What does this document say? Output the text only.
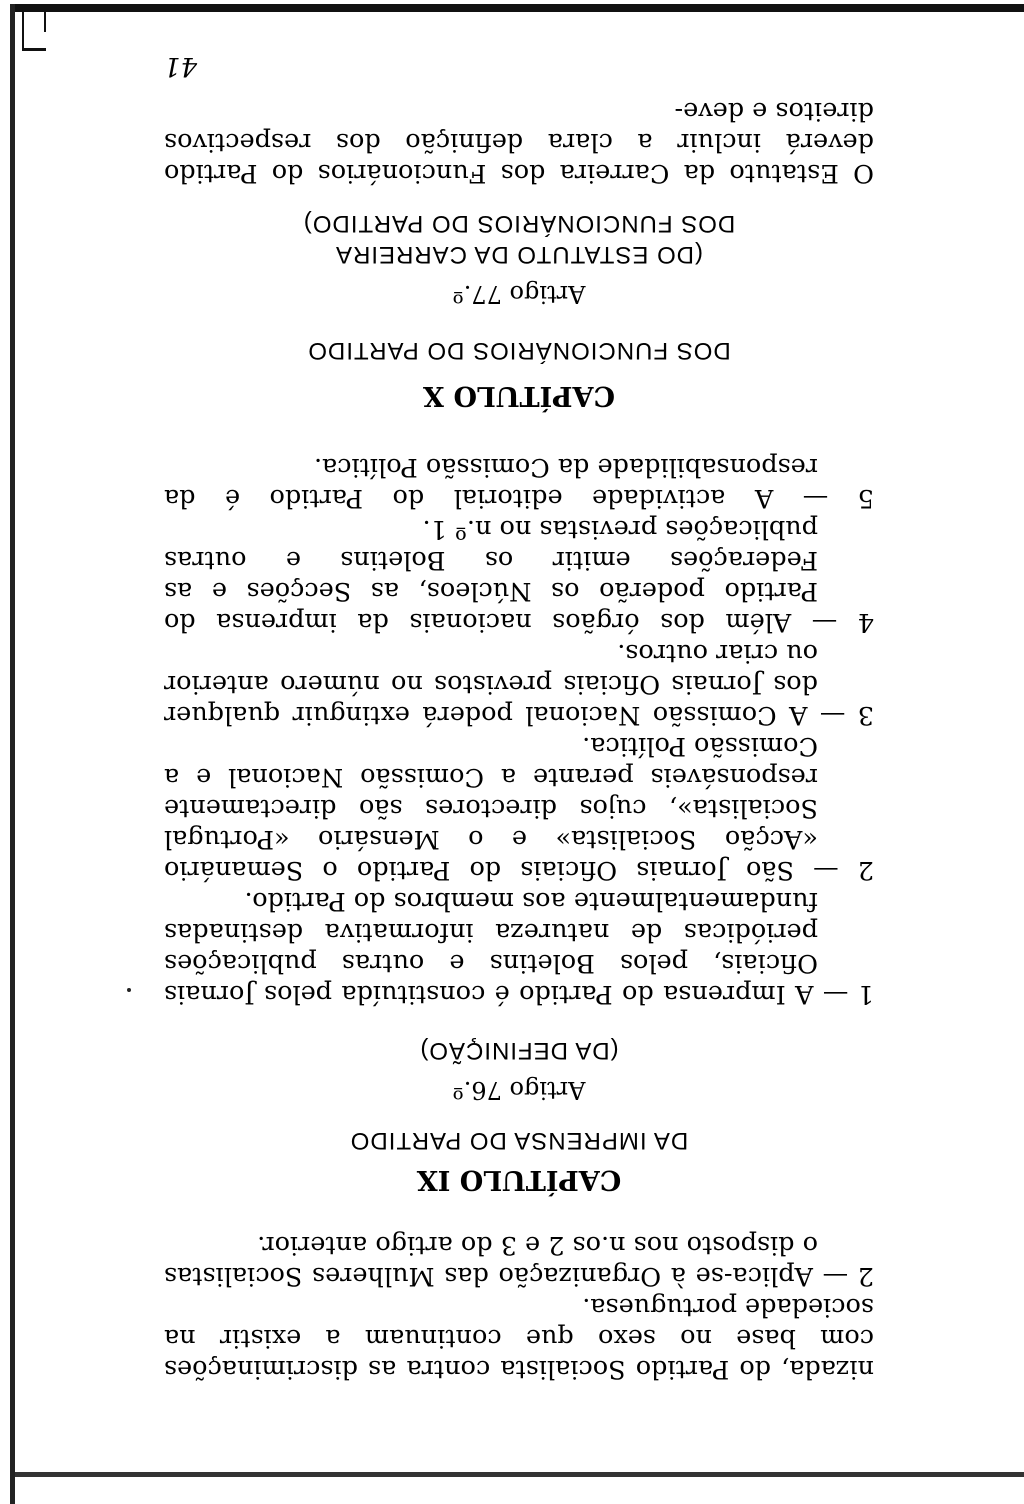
nizada, do Partido Socialista contra as discriminações com base no sexo que continuam a existir na sociedade portuguesa.

2 — Aplica-se à Organização das Mulheres Socialistas o disposto nos n.os 2 e 3 do artigo anterior.

CAPÍTULO IX

DA IMPRENSA DO PARTIDO

Artigo 76.º

(DA DEFINIÇÃO)

1 — A Imprensa do Partido é constituída pelos Jornais Oficiais, pelos Boletins e outras publicações periódicas de natureza informativa destinadas fundamentalmente aos membros do Partido.

2 — São Jornais Oficiais do Partido o Semanário «Acção Socialista» e o Mensário «Portugal Socialista», cujos directores são directamente responsáveis perante a Comissão Nacional e a Comissão Política.

3 — A Comissão Nacional poderá extinguir qualquer dos Jornais Oficiais previstos no número anterior ou criar outros.

4 — Além dos órgãos nacionais da imprensa do Partido poderão os Núcleos, as Secções e as Federações emitir os Boletins e outras publicações previstas no n.º 1.

5 — A actividade editorial do Partido é da responsabilidade da Comissão Política.

CAPÍTULO X

DOS FUNCIONÁRIOS DO PARTIDO

Artigo 77.º

(DO ESTATUTO DA CARREIRA

DOS FUNCIONÁRIOS DO PARTIDO)

O Estatuto da Carreira dos Funcionários do Partido deverá incluir a clara definição dos respectivos direitos e deve-

41
